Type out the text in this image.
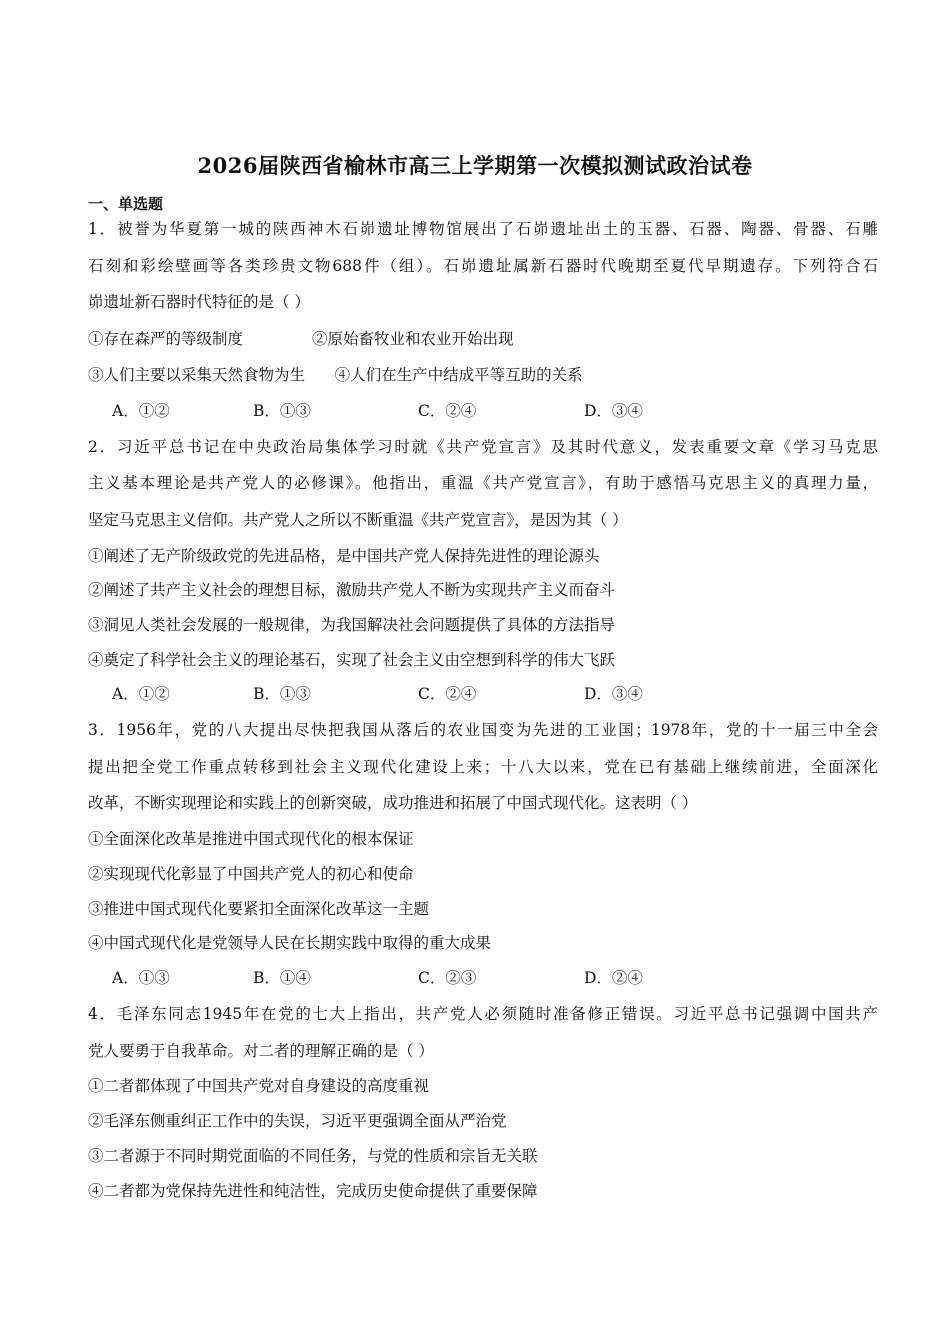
2026届陕西省榆林市高三上学期第一次模拟测试政治试卷
一、单选题
1．被誉为华夏第一城的陕西神木石峁遗址博物馆展出了石峁遗址出土的玉器、石器、陶器、骨器、石雕
石刻和彩绘壁画等各类珍贵文物688件（组）。石峁遗址属新石器时代晚期至夏代早期遗存。下列符合石
峁遗址新石器时代特征的是（ ）
①存在森严的等级制度              ②原始畜牧业和农业开始出现
③人们主要以采集天然食物为生      ④人们在生产中结成平等互助的关系
A．①②	B．①③	C．②④	D．③④
2．习近平总书记在中央政治局集体学习时就《共产党宣言》及其时代意义，发表重要文章《学习马克思
主义基本理论是共产党人的必修课》。他指出，重温《共产党宣言》，有助于感悟马克思主义的真理力量，
坚定马克思主义信仰。共产党人之所以不断重温《共产党宣言》，是因为其（ ）
①阐述了无产阶级政党的先进品格，是中国共产党人保持先进性的理论源头
②阐述了共产主义社会的理想目标，激励共产党人不断为实现共产主义而奋斗
③洞见人类社会发展的一般规律，为我国解决社会问题提供了具体的方法指导
④奠定了科学社会主义的理论基石，实现了社会主义由空想到科学的伟大飞跃
A．①②	B．①③	C．②④	D．③④
3．1956年，党的八大提出尽快把我国从落后的农业国变为先进的工业国；1978年，党的十一届三中全会
提出把全党工作重点转移到社会主义现代化建设上来；十八大以来，党在已有基础上继续前进，全面深化
改革，不断实现理论和实践上的创新突破，成功推进和拓展了中国式现代化。这表明（ ）
①全面深化改革是推进中国式现代化的根本保证
②实现现代化彰显了中国共产党人的初心和使命
③推进中国式现代化要紧扣全面深化改革这一主题
④中国式现代化是党领导人民在长期实践中取得的重大成果
A．①③	B．①④	C．②③	D．②④
4．毛泽东同志1945年在党的七大上指出，共产党人必须随时准备修正错误。习近平总书记强调中国共产
党人要勇于自我革命。对二者的理解正确的是（ ）
①二者都体现了中国共产党对自身建设的高度重视
②毛泽东侧重纠正工作中的失误，习近平更强调全面从严治党
③二者源于不同时期党面临的不同任务，与党的性质和宗旨无关联
④二者都为党保持先进性和纯洁性，完成历史使命提供了重要保障
